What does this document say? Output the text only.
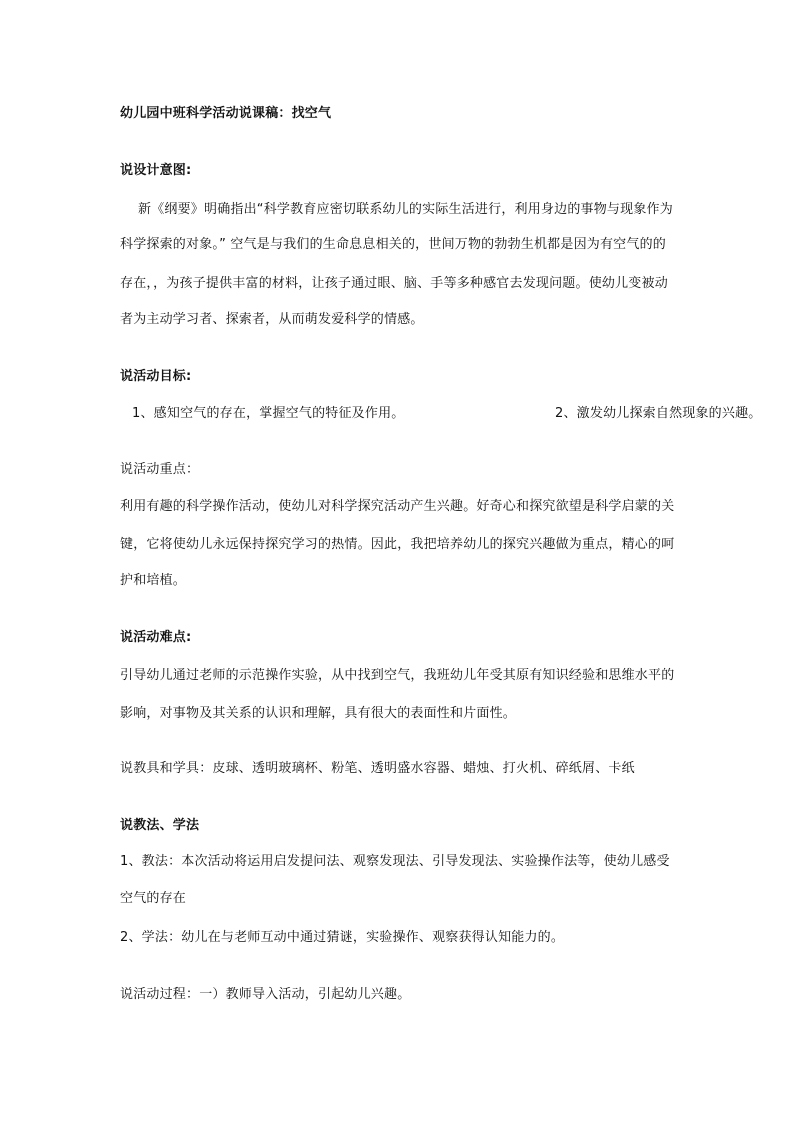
幼儿园中班科学活动说课稿：找空气
说设计意图:
新《纲要》明确指出“科学教育应密切联系幼儿的实际生活进行，利用身边的事物与现象作为
科学探索的对象。” 空气是与我们的生命息息相关的，世间万物的勃勃生机都是因为有空气的的
存在，，为孩子提供丰富的材料，让孩子通过眼、脑、手等多种感官去发现问题。使幼儿变被动
者为主动学习者、探索者，从而萌发爱科学的情感。
说活动目标:
1、感知空气的存在，掌握空气的特征及作用。	2、激发幼儿探索自然现象的兴趣。
说活动重点：
利用有趣的科学操作活动，使幼儿对科学探究活动产生兴趣。好奇心和探究欲望是科学启蒙的关
键，它将使幼儿永远保持探究学习的热情。因此，我把培养幼儿的探究兴趣做为重点，精心的呵
护和培植。
说活动难点:
引导幼儿通过老师的示范操作实验，从中找到空气，我班幼儿年受其原有知识经验和思维水平的
影响，对事物及其关系的认识和理解，具有很大的表面性和片面性。
说教具和学具：皮球、透明玻璃杯、粉笔、透明盛水容器、蜡烛、打火机、碎纸屑、卡纸
说教法、学法
1、教法：本次活动将运用启发提问法、观察发现法、引导发现法、实验操作法等，使幼儿感受
空气的存在
2、学法：幼儿在与老师互动中通过猜谜，实验操作、观察获得认知能力的。
说活动过程：一）教师导入活动，引起幼儿兴趣。
